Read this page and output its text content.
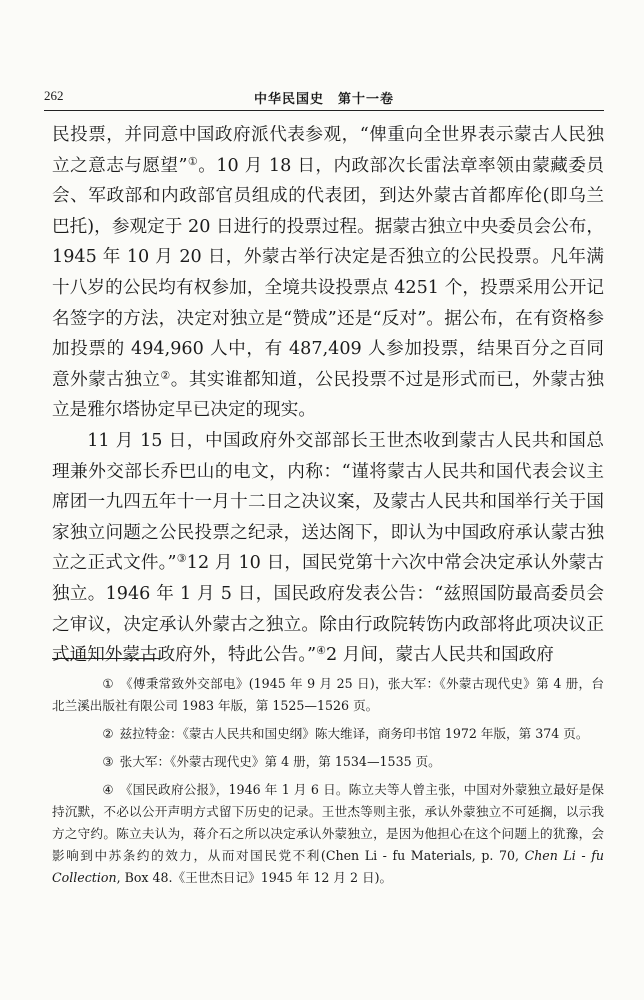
262	中华民国史　第十一卷

民投票，并同意中国政府派代表参观，“俾重向全世界表示蒙古人民独立之意志与愿望”①。10 月 18 日，内政部次长雷法章率领由蒙藏委员会、军政部和内政部官员组成的代表团，到达外蒙古首都库伦(即乌兰巴托)，参观定于 20 日进行的投票过程。据蒙古独立中央委员会公布，1945 年 10 月 20 日，外蒙古举行决定是否独立的公民投票。凡年满十八岁的公民均有权参加，全境共设投票点 4251 个，投票采用公开记名签字的方法，决定对独立是“赞成”还是“反对”。据公布，在有资格参加投票的 494,960 人中，有 487,409 人参加投票，结果百分之百同意外蒙古独立②。其实谁都知道，公民投票不过是形式而已，外蒙古独立是雅尔塔协定早已决定的现实。

11 月 15 日，中国政府外交部部长王世杰收到蒙古人民共和国总理兼外交部长乔巴山的电文，内称：“谨将蒙古人民共和国代表会议主席团一九四五年十一月十二日之决议案，及蒙古人民共和国举行关于国家独立问题之公民投票之纪录，送达阁下，即认为中国政府承认蒙古独立之正式文件。”③12 月 10 日，国民党第十六次中常会决定承认外蒙古独立。1946 年 1 月 5 日，国民政府发表公告：“兹照国防最高委员会之审议，决定承认外蒙古之独立。除由行政院转饬内政部将此项决议正式通知外蒙古政府外，特此公告。”④2 月间，蒙古人民共和国政府

① 《傅秉常致外交部电》(1945 年 9 月 25 日)，张大军：《外蒙古现代史》第 4 册，台北兰溪出版社有限公司 1983 年版，第 1525—1526 页。

② 兹拉特金：《蒙古人民共和国史纲》陈大维译，商务印书馆 1972 年版，第 374 页。

③ 张大军：《外蒙古现代史》第 4 册，第 1534—1535 页。

④ 《国民政府公报》，1946 年 1 月 6 日。陈立夫等人曾主张，中国对外蒙独立最好是保持沉默，不必以公开声明方式留下历史的记录。王世杰等则主张，承认外蒙独立不可延搁，以示我方之守约。陈立夫认为，蒋介石之所以决定承认外蒙独立，是因为他担心在这个问题上的犹豫，会影响到中苏条约的效力，从而对国民党不利(Chen Li - fu Materials, p. 70, Chen Li - fu Collection, Box 48.《王世杰日记》1945 年 12 月 2 日)。
